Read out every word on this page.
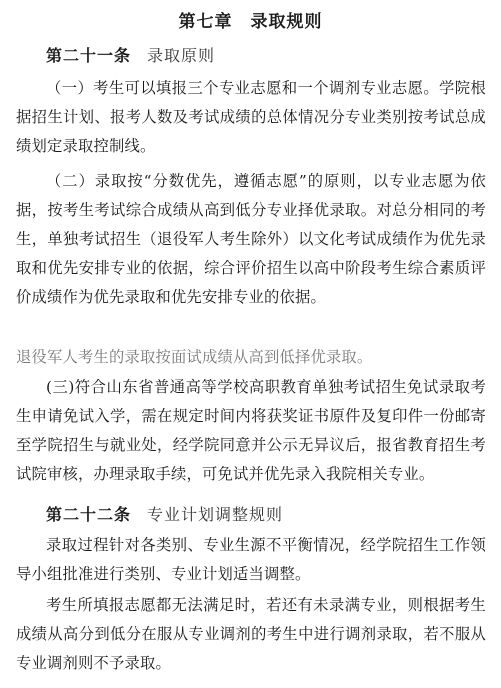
第七章　录取规则
第二十一条 录取原则
（一）考生可以填报三个专业志愿和一个调剂专业志愿。学院根据招生计划、报考人数及考试成绩的总体情况分专业类别按考试总成绩划定录取控制线。
（二）录取按“分数优先，遵循志愿”的原则，以专业志愿为依据，按考生考试综合成绩从高到低分专业择优录取。对总分相同的考生，单独考试招生（退役军人考生除外）以文化考试成绩作为优先录取和优先安排专业的依据，综合评价招生以高中阶段考生综合素质评价成绩作为优先录取和优先安排专业的依据。
退役军人考生的录取按面试成绩从高到低择优录取。
(三)符合山东省普通高等学校高职教育单独考试招生免试录取考生申请免试入学，需在规定时间内将获奖证书原件及复印件一份邮寄至学院招生与就业处，经学院同意并公示无异议后，报省教育招生考试院审核，办理录取手续，可免试并优先录入我院相关专业。
第二十二条 专业计划调整规则
录取过程针对各类别、专业生源不平衡情况，经学院招生工作领导小组批准进行类别、专业计划适当调整。
考生所填报志愿都无法满足时，若还有未录满专业，则根据考生成绩从高分到低分在服从专业调剂的考生中进行调剂录取，若不服从专业调剂则不予录取。
